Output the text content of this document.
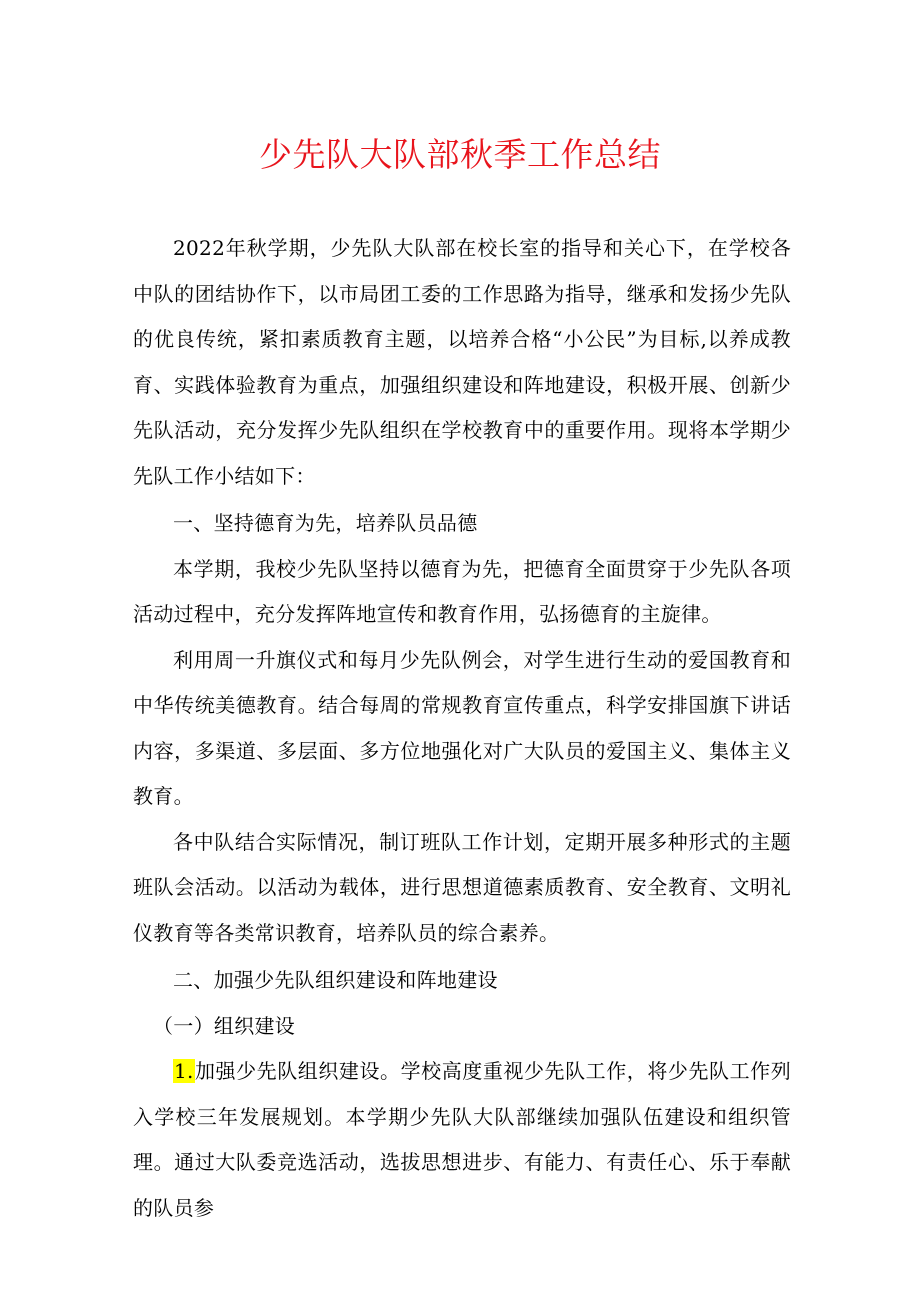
少先队大队部秋季工作总结

2022年秋学期，少先队大队部在校长室的指导和关心下，在学校各中队的团结协作下，以市局团工委的工作思路为指导，继承和发扬少先队的优良传统，紧扣素质教育主题，以培养合格“小公民”为目标,以养成教育、实践体验教育为重点，加强组织建设和阵地建设，积极开展、创新少先队活动，充分发挥少先队组织在学校教育中的重要作用。现将本学期少先队工作小结如下：

一、坚持德育为先，培养队员品德

本学期，我校少先队坚持以德育为先，把德育全面贯穿于少先队各项活动过程中，充分发挥阵地宣传和教育作用，弘扬德育的主旋律。

利用周一升旗仪式和每月少先队例会，对学生进行生动的爱国教育和中华传统美德教育。结合每周的常规教育宣传重点，科学安排国旗下讲话内容，多渠道、多层面、多方位地强化对广大队员的爱国主义、集体主义教育。

各中队结合实际情况，制订班队工作计划，定期开展多种形式的主题班队会活动。以活动为载体，进行思想道德素质教育、安全教育、文明礼仪教育等各类常识教育，培养队员的综合素养。

二、加强少先队组织建设和阵地建设

（一）组织建设

1.加强少先队组织建设。学校高度重视少先队工作，将少先队工作列入学校三年发展规划。本学期少先队大队部继续加强队伍建设和组织管理。通过大队委竞选活动，选拔思想进步、有能力、有责任心、乐于奉献的队员参
